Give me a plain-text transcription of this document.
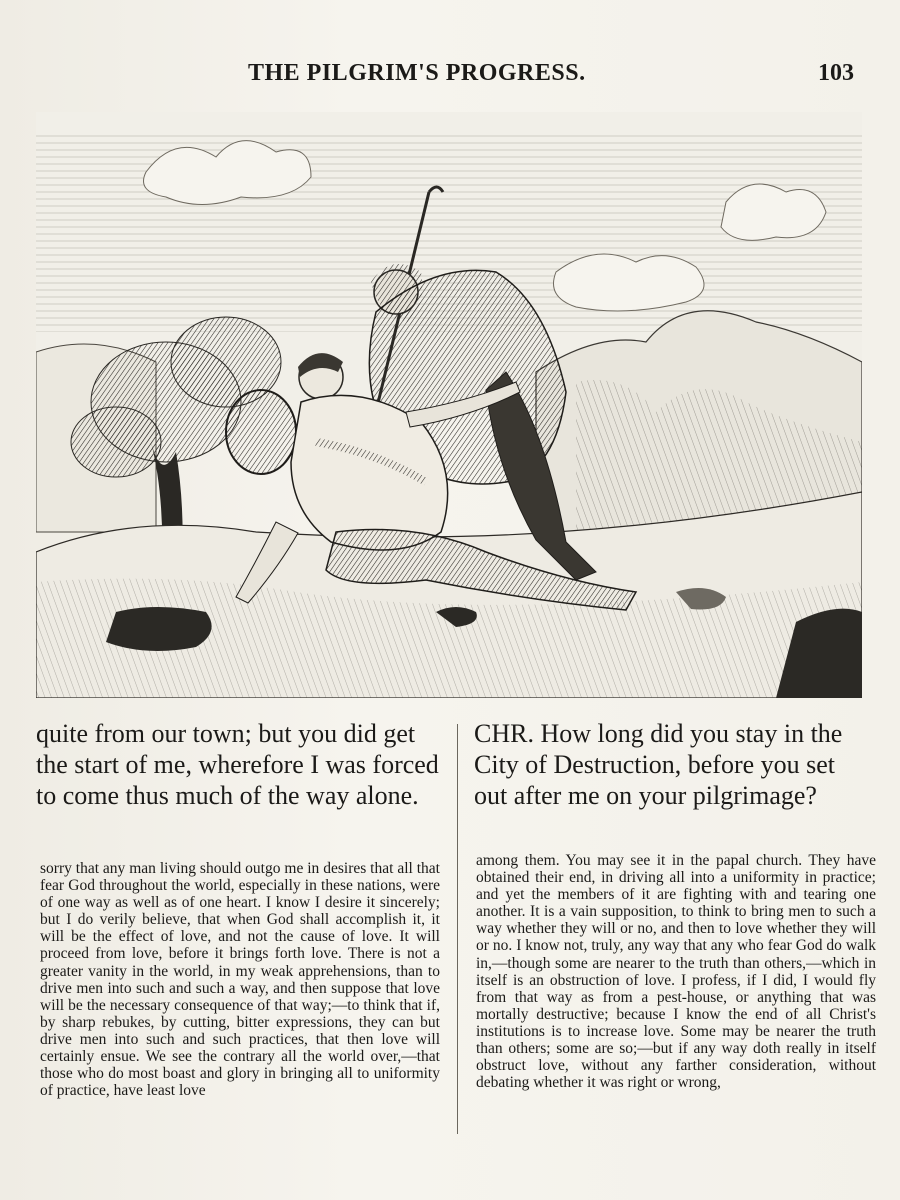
THE PILGRIM'S PROGRESS.	103

quite from our town; but you did get the start of me, wherefore I was forced to come thus much of the way alone.

CHR. How long did you stay in the City of Destruction, before you set out after me on your pilgrimage?

sorry that any man living should outgo me in desires that all that fear God throughout the world, especially in these nations, were of one way as well as of one heart. I know I desire it sincerely; but I do verily believe, that when God shall accomplish it, it will be the effect of love, and not the cause of love. It will proceed from love, before it brings forth love. There is not a greater vanity in the world, in my weak apprehensions, than to drive men into such and such a way, and then suppose that love will be the necessary consequence of that way;—to think that if, by sharp rebukes, by cutting, bitter expressions, they can but drive men into such and such practices, that then love will certainly ensue. We see the contrary all the world over,—that those who do most boast and glory in bringing all to uniformity of practice, have least love

among them. You may see it in the papal church. They have obtained their end, in driving all into a uniformity in practice; and yet the members of it are fighting with and tearing one another. It is a vain supposition, to think to bring men to such a way whether they will or no, and then to love whether they will or no. I know not, truly, any way that any who fear God do walk in,—though some are nearer to the truth than others,—which in itself is an obstruction of love. I profess, if I did, I would fly from that way as from a pest-house, or anything that was mortally destructive; because I know the end of all Christ's institutions is to increase love. Some may be nearer the truth than others; some are so;—but if any way doth really in itself obstruct love, without any farther consideration, without debating whether it was right or wrong,
